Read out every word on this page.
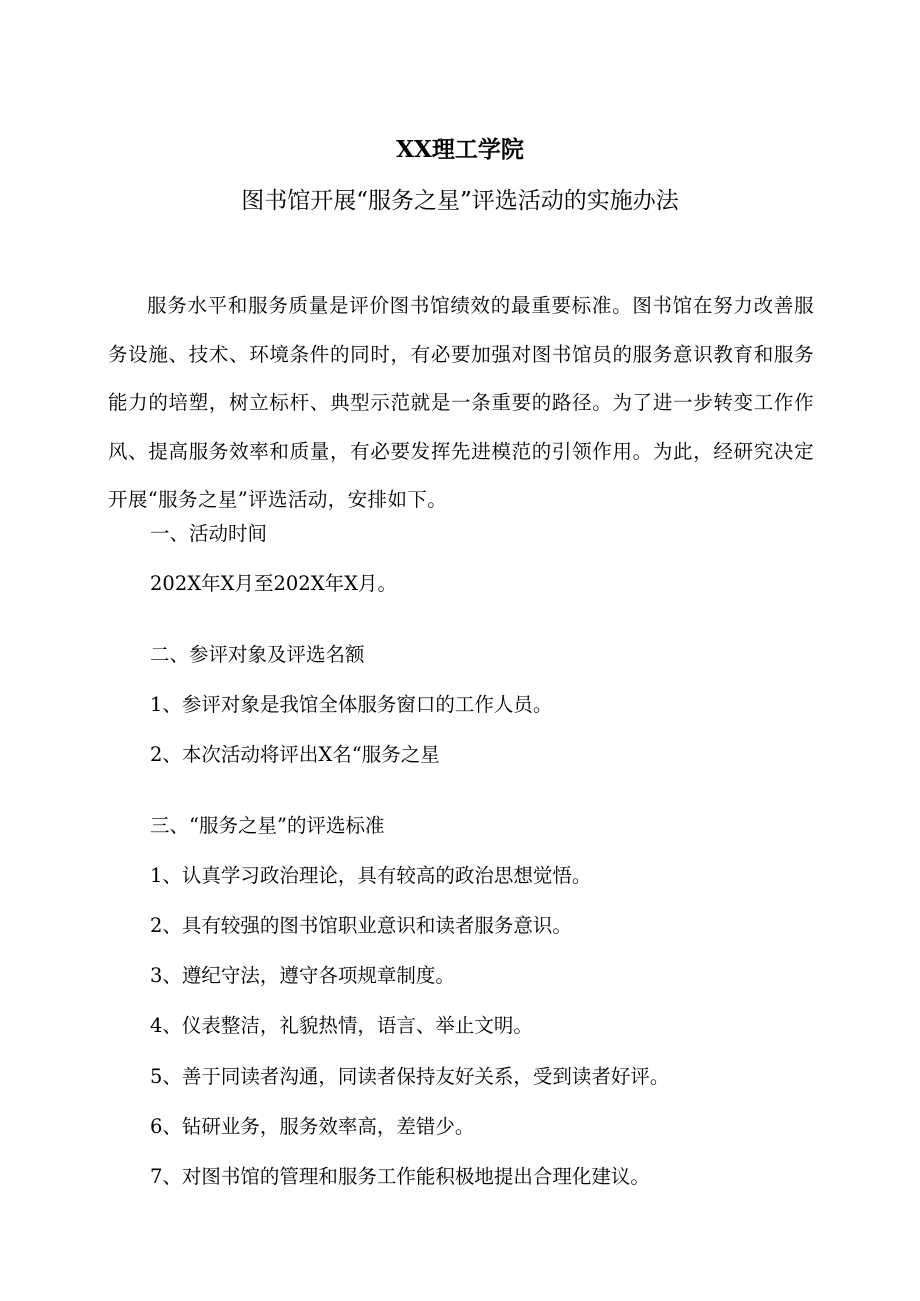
XX理工学院
图书馆开展“服务之星”评选活动的实施办法
服务水平和服务质量是评价图书馆绩效的最重要标准。图书馆在努力改善服务设施、技术、环境条件的同时，有必要加强对图书馆员的服务意识教育和服务能力的培塑，树立标杆、典型示范就是一条重要的路径。为了进一步转变工作作风、提高服务效率和质量，有必要发挥先进模范的引领作用。为此，经研究决定开展“服务之星”评选活动，安排如下。
一、活动时间
202X年X月至202X年X月。
二、参评对象及评选名额
1、参评对象是我馆全体服务窗口的工作人员。
2、本次活动将评出X名“服务之星
三、“服务之星”的评选标准
1、认真学习政治理论，具有较高的政治思想觉悟。
2、具有较强的图书馆职业意识和读者服务意识。
3、遵纪守法，遵守各项规章制度。
4、仪表整洁，礼貌热情，语言、举止文明。
5、善于同读者沟通，同读者保持友好关系，受到读者好评。
6、钻研业务，服务效率高，差错少。
7、对图书馆的管理和服务工作能积极地提出合理化建议。
